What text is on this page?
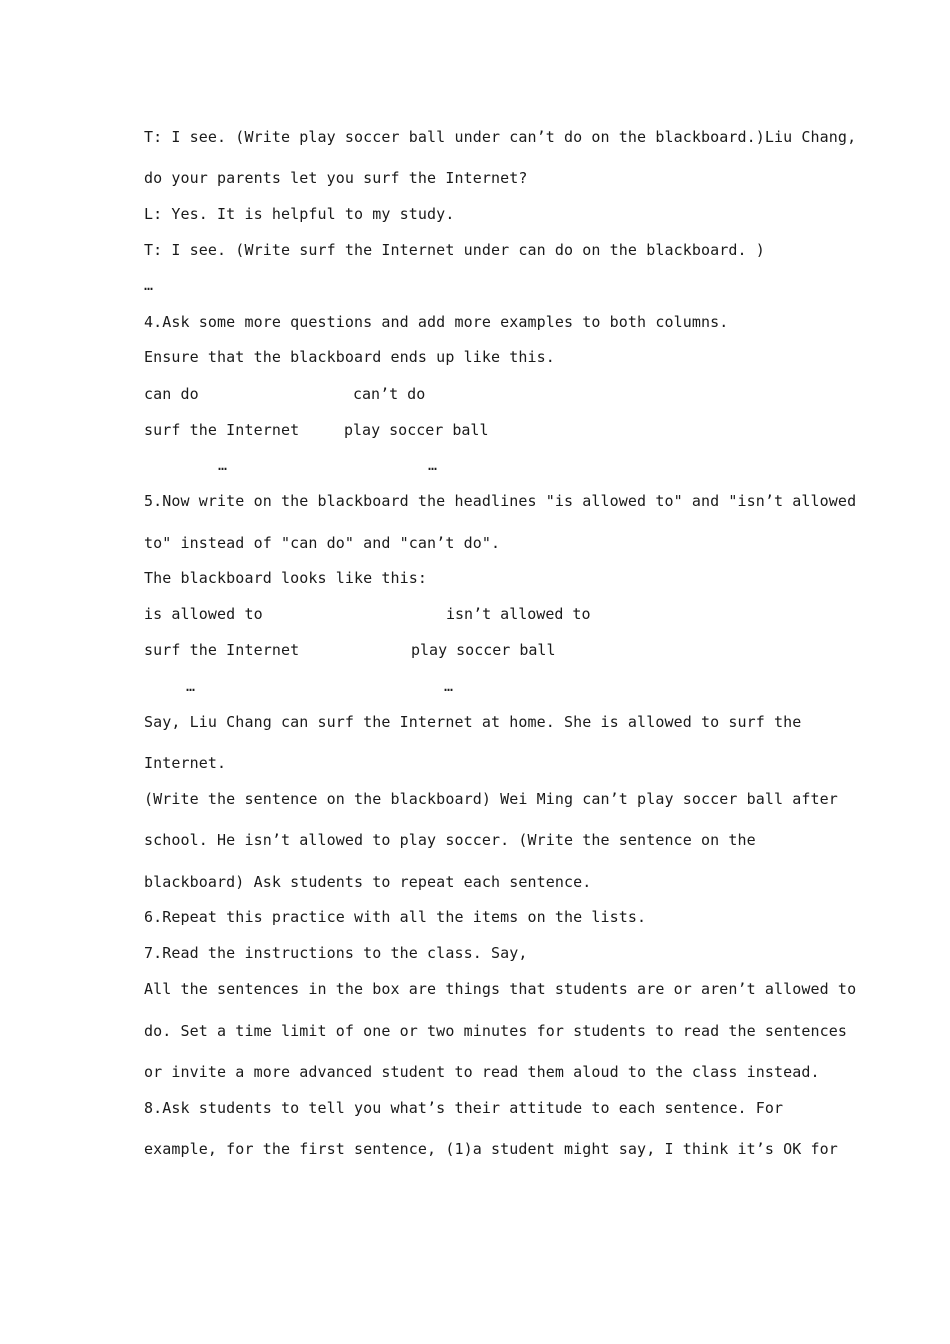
T: I see. (Write play soccer ball under can’t do on the blackboard.)Liu Chang,
do your parents let you surf the Internet?
L: Yes. It is helpful to my study.
T: I see. (Write surf the Internet under can do on the blackboard. )
…
4.Ask some more questions and add more examples to both columns.
Ensure that the blackboard ends up like this.
can do	can’t do
surf the Internet	play soccer ball
…	…
5.Now write on the blackboard the headlines "is allowed to" and "isn’t allowed
to" instead of "can do" and "can’t do".
The blackboard looks like this:
is allowed to	isn’t allowed to
surf the Internet	play soccer ball
…	…
Say, Liu Chang can surf the Internet at home. She is allowed to surf the
Internet.
(Write the sentence on the blackboard) Wei Ming can’t play soccer ball after
school. He isn’t allowed to play soccer. (Write the sentence on the
blackboard) Ask students to repeat each sentence.
6.Repeat this practice with all the items on the lists.
7.Read the instructions to the class. Say,
All the sentences in the box are things that students are or aren’t allowed to
do. Set a time limit of one or two minutes for students to read the sentences
or invite a more advanced student to read them aloud to the class instead.
8.Ask students to tell you what’s their attitude to each sentence. For
example, for the first sentence, (1)a student might say, I think it’s OK for
